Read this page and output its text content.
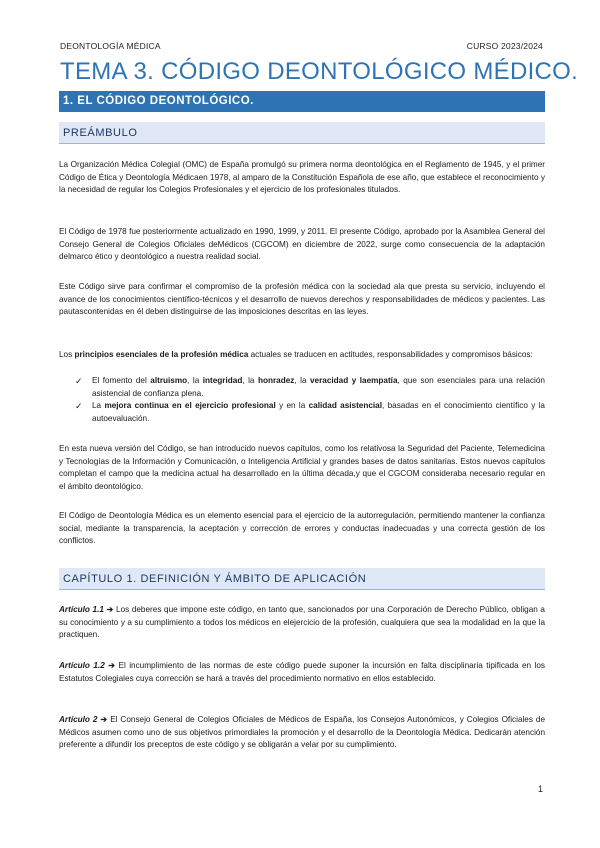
DEONTOLOGÍA MÉDICA	CURSO 2023/2024
TEMA 3. CÓDIGO DEONTOLÓGICO MÉDICO.
1. EL CÓDIGO DEONTOLÓGICO.
PREÁMBULO
La Organización Médica Colegial (OMC) de España promulgó su primera norma deontológica en el Reglamento de 1945, y el primer Código de Ética y Deontología Médicaen 1978, al amparo de la Constitución Española de ese año, que establece el reconocimiento y la necesidad de regular los Colegios Profesionales y el ejercicio de los profesionales titulados.
El Código de 1978 fue posteriormente actualizado en 1990, 1999, y 2011. El presente Código, aprobado por la Asamblea General del Consejo General de Colegios Oficiales deMédicos (CGCOM) en diciembre de 2022, surge como consecuencia de la adaptación delmarco ético y deontológico a nuestra realidad social.
Este Código sirve para confirmar el compromiso de la profesión médica con la sociedad ala que presta su servicio, incluyendo el avance de los conocimientos científico-técnicos y el desarrollo de nuevos derechos y responsabilidades de médicos y pacientes. Las pautascontenidas en él deben distinguirse de las imposiciones descritas en las leyes.
Los principios esenciales de la profesión médica actuales se traducen en actitudes, responsabilidades y compromisos básicos:
✓	El fomento del altruismo, la integridad, la honradez, la veracidad y laempatía, que son esenciales para una relación asistencial de confianza plena.
✓	La mejora continua en el ejercicio profesional y en la calidad asistencial, basadas en el conocimiento científico y la autoevaluación.
En esta nueva versión del Código, se han introducido nuevos capítulos, como los relativosa la Seguridad del Paciente, Telemedicina y Tecnologías de la Información y Comunicación, o Inteligencia Artificial y grandes bases de datos sanitarias. Estos nuevos capítulos completan el campo que la medicina actual ha desarrollado en la última década,y que el CGCOM consideraba necesario regular en el ámbito deontológico.
El Código de Deontología Médica es un elemento esencial para el ejercicio de la autorregulación, permitiendo mantener la confianza social, mediante la transparencia, la aceptación y corrección de errores y conductas inadecuadas y una correcta gestión de los conflictos.
CAPÍTULO 1. DEFINICIÓN Y ÁMBITO DE APLICACIÓN
Artículo 1.1 ➔ Los deberes que impone este código, en tanto que, sancionados por una Corporación de Derecho Público, obligan a su conocimiento y a su cumplimiento a todos los médicos en elejercicio de la profesión, cualquiera que sea la modalidad en la que la practiquen.
Artículo 1.2 ➔ El incumplimiento de las normas de este código puede suponer la incursión en falta disciplinaria tipificada en los Estatutos Colegiales cuya corrección se hará a través del procedimiento normativo en ellos establecido.
Artículo 2 ➔ El Consejo General de Colegios Oficiales de Médicos de España, los Consejos Autonómicos, y Colegios Oficiales de Médicos asumen como uno de sus objetivos primordiales la promoción y el desarrollo de la Deontología Médica. Dedicarán atención preferente a difundir los preceptos de este código y se obligarán a velar por su cumplimiento.
1
